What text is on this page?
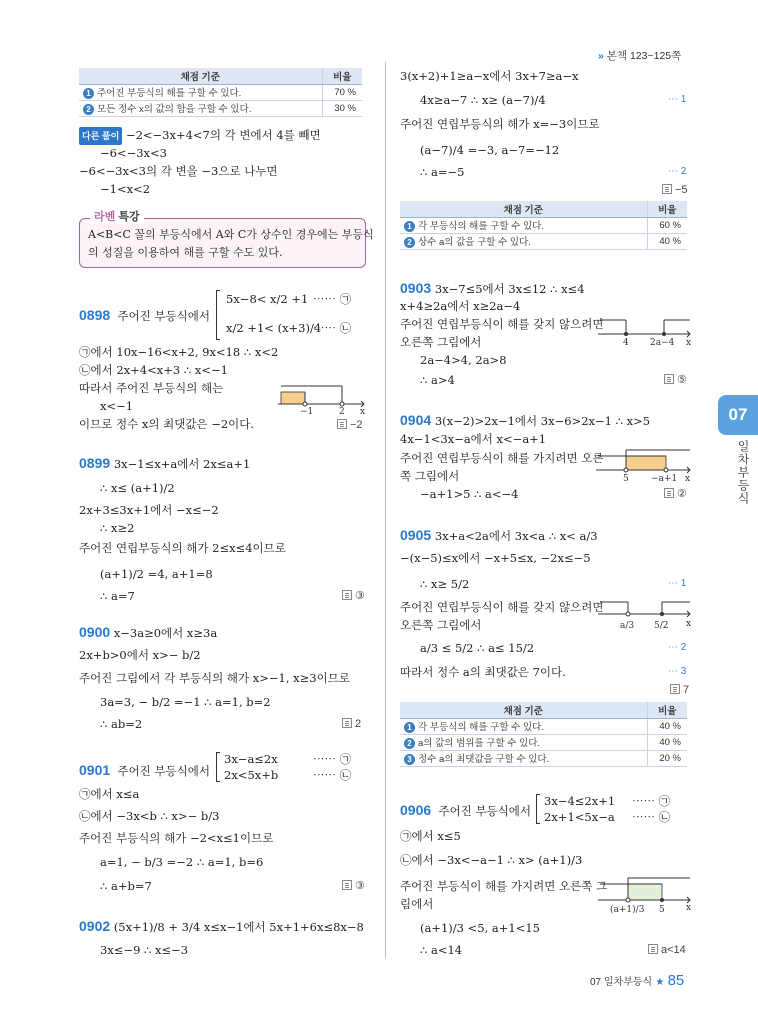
» 본책 123~125쪽
채점 기준	비율
1 주어진 부등식의 해를 구할 수 있다.	70 %
2 모든 정수 x의 값의 합을 구할 수 있다.	30 %
다른 풀이 −2<−3x+4<7의 각 변에서 4를 빼면
−6<−3x<3
−6<−3x<3의 각 변을 −3으로 나누면
−1<x<2
A<B<C 꼴의 부등식에서 A와 C가 상수인 경우에는 부등식
의 성질을 이용하여 해를 구할 수도 있다.
라벤 특강
0898 주어진 부등식에서
5x−8< x/2 +1
x/2 +1< (x+3)/4
⋯⋯ ㉠
⋯⋯ ㉡
㉠에서 10x−16<x+2, 9x<18 ∴ x<2
㉡에서 2x+4<x+3 ∴ x<−1
따라서 주어진 부등식의 해는
x<−1
이므로 정수 x의 최댓값은 −2이다.	−2
−1	2 x
0899 3x−1≤x+a에서 2x≤a+1
∴ x≤ (a+1)/2
2x+3≤3x+1에서 −x≤−2
∴ x≥2
주어진 연립부등식의 해가 2≤x≤4이므로
(a+1)/2 =4, a+1=8
∴ a=7	③
0900 x−3a≥0에서 x≥3a
2x+b>0에서 x>− b/2
주어진 그림에서 각 부등식의 해가 x>−1, x≥3이므로
3a=3, − b/2 =−1 ∴ a=1, b=2
∴ ab=2	2
0901 주어진 부등식에서
3x−a≤2x
2x<5x+b
⋯⋯ ㉠
⋯⋯ ㉡
㉠에서 x≤a
㉡에서 −3x<b ∴ x>− b/3
주어진 부등식의 해가 −2<x≤1이므로
a=1, − b/3 =−2 ∴ a=1, b=6
∴ a+b=7	③
0902 (5x+1)/8 + 3/4 x≤x−1에서 5x+1+6x≤8x−8
3x≤−9 ∴ x≤−3
3(x+2)+1≥a−x에서 3x+7≥a−x
4x≥a−7 ∴ x≥ (a−7)/4	⋯ 1
주어진 연립부등식의 해가 x=−3이므로
(a−7)/4 =−3, a−7=−12
∴ a=−5	⋯ 2
−5
채점 기준	비율
1 각 부등식의 해를 구할 수 있다.	60 %
2 상수 a의 값을 구할 수 있다.	40 %
0903 3x−7≤5에서 3x≤12 ∴ x≤4
x+4≥2a에서 x≥2a−4
주어진 연립부등식이 해를 갖지 않으려면
오른쪽 그림에서
2a−4>4, 2a>8
∴ a>4	⑤
4 2a−4 x
0904 3(x−2)>2x−1에서 3x−6>2x−1 ∴ x>5
4x−1<3x−a에서 x<−a+1
주어진 연립부등식이 해를 가지려면 오른
쪽 그림에서
−a+1>5 ∴ a<−4	②
5 −a+1 x
0905 3x+a<2a에서 3x<a ∴ x< a/3
−(x−5)≤x에서 −x+5≤x, −2x≤−5
∴ x≥ 5/2	⋯ 1
주어진 연립부등식이 해를 갖지 않으려면
오른쪽 그림에서
a/3 ≤ 5/2 ∴ a≤ 15/2	⋯ 2
따라서 정수 a의 최댓값은 7이다.	⋯ 3
7
a/3 5/2 x
채점 기준	비율
1 각 부등식의 해를 구할 수 있다.	40 %
2 a의 값의 범위를 구할 수 있다.	40 %
3 정수 a의 최댓값을 구할 수 있다.	20 %
0906 주어진 부등식에서
3x−4≤2x+1
2x+1<5x−a
⋯⋯ ㉠
⋯⋯ ㉡
㉠에서 x≤5
㉡에서 −3x<−a−1 ∴ x> (a+1)/3
주어진 부등식이 해를 가지려면 오른쪽 그
림에서
(a+1)/3 <5, a+1<15
∴ a<14	a<14
(a+1)/3 5 x
07
일차부등식
07 일차부등식 ★ 85
